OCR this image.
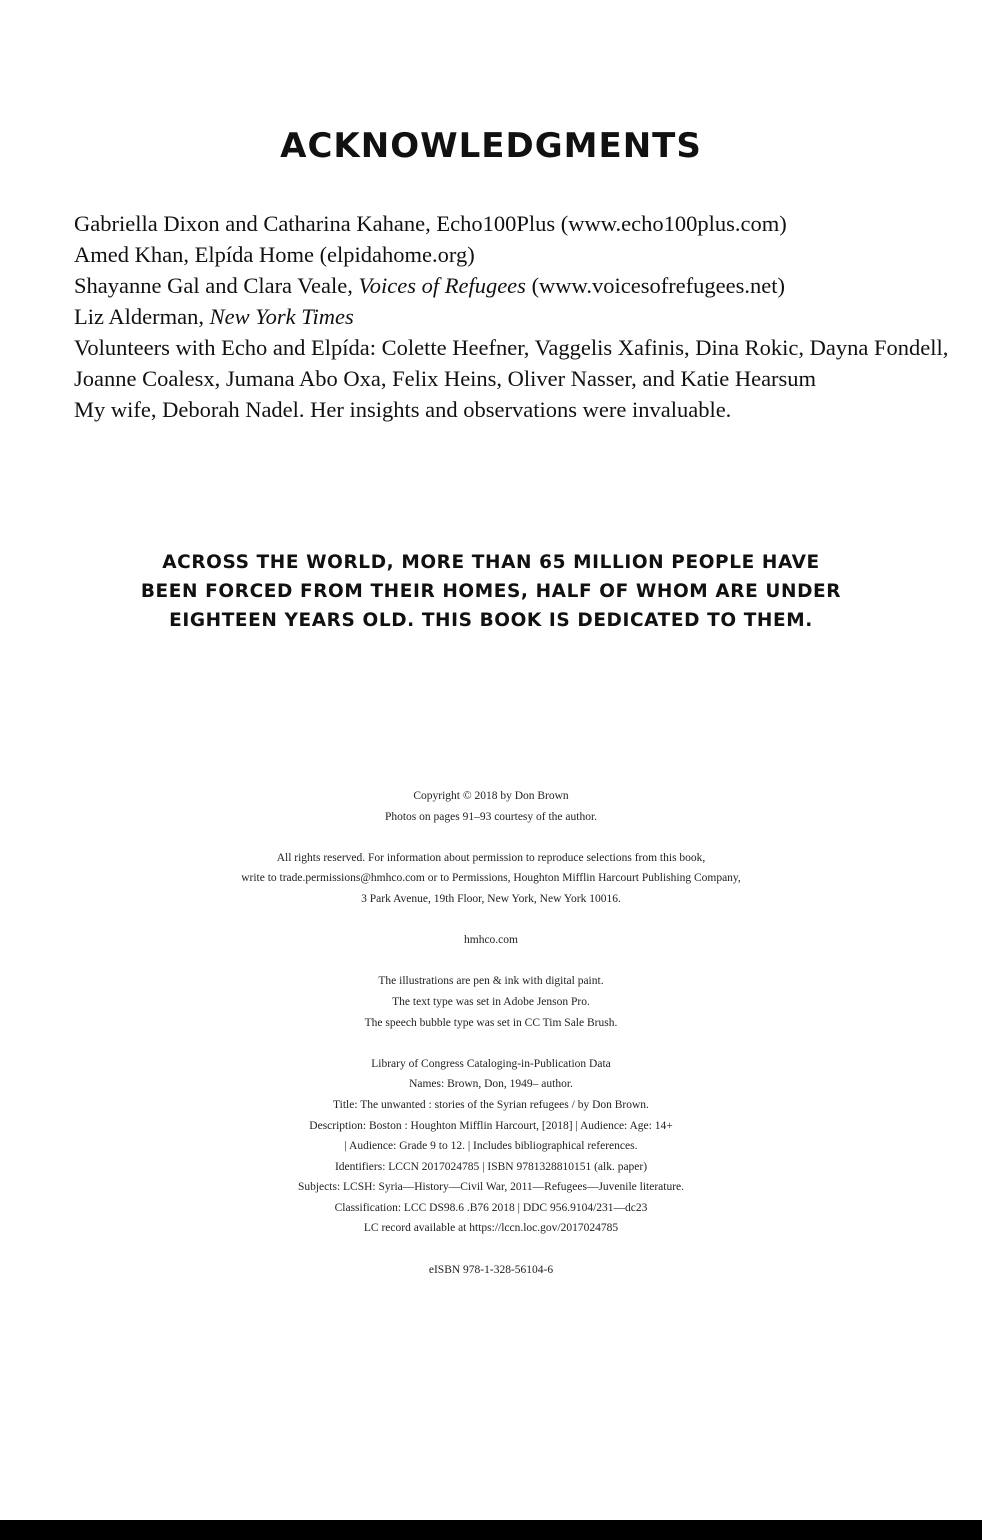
ACKNOWLEDGMENTS
Gabriella Dixon and Catharina Kahane, Echo100Plus (www.echo100plus.com)
Amed Khan, Elpída Home (elpidahome.org)
Shayanne Gal and Clara Veale, Voices of Refugees (www.voicesofrefugees.net)
Liz Alderman, New York Times
Volunteers with Echo and Elpída: Colette Heefner, Vaggelis Xafinis, Dina Rokic, Dayna Fondell,
Joanne Coalesx, Jumana Abo Oxa, Felix Heins, Oliver Nasser, and Katie Hearsum
My wife, Deborah Nadel. Her insights and observations were invaluable.
ACROSS THE WORLD, MORE THAN 65 MILLION PEOPLE HAVE
BEEN FORCED FROM THEIR HOMES, HALF OF WHOM ARE UNDER
EIGHTEEN YEARS OLD. THIS BOOK IS DEDICATED TO THEM.
Copyright © 2018 by Don Brown
Photos on pages 91–93 courtesy of the author.
All rights reserved. For information about permission to reproduce selections from this book,
write to trade.permissions@hmhco.com or to Permissions, Houghton Mifflin Harcourt Publishing Company,
3 Park Avenue, 19th Floor, New York, New York 10016.
hmhco.com
The illustrations are pen & ink with digital paint.
The text type was set in Adobe Jenson Pro.
The speech bubble type was set in CC Tim Sale Brush.
Library of Congress Cataloging-in-Publication Data
Names: Brown, Don, 1949– author.
Title: The unwanted : stories of the Syrian refugees / by Don Brown.
Description: Boston : Houghton Mifflin Harcourt, [2018] | Audience: Age: 14+
| Audience: Grade 9 to 12. | Includes bibliographical references.
Identifiers: LCCN 2017024785 | ISBN 9781328810151 (alk. paper)
Subjects: LCSH: Syria—History—Civil War, 2011—Refugees—Juvenile literature.
Classification: LCC DS98.6 .B76 2018 | DDC 956.9104/231—dc23
LC record available at https://lccn.loc.gov/2017024785
eISBN 978-1-328-56104-6
